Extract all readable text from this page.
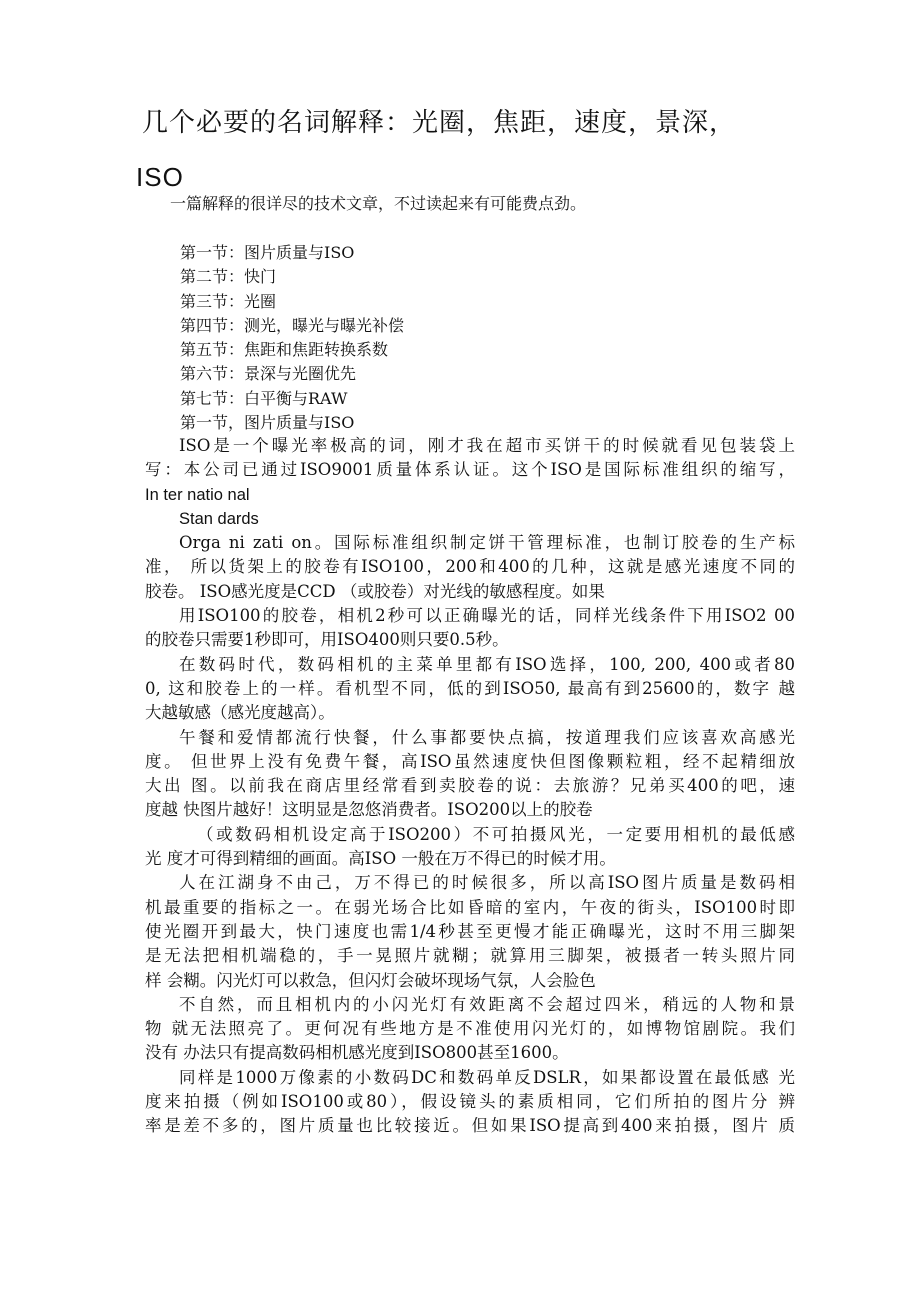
几个必要的名词解释：光圈，焦距，速度，景深，
ISO
一篇解释的很详尽的技术文章，不过读起来有可能费点劲。
第一节：图片质量与ISO
第二节：快门
第三节：光圈
第四节：测光，曝光与曝光补偿
第五节：焦距和焦距转换系数
第六节：景深与光圈优先
第七节：白平衡与RAW
第一节，图片质量与ISO
ISO是一个曝光率极高的词，刚才我在超市买饼干的时候就看见包装袋上
写：本公司已通过ISO9001质量体系认证。这个ISO是国际标准组织的缩写，
In ter natio nal
Stan dards
Orga ni zati on。国际标准组织制定饼干管理标准，也制订胶卷的生产标
准， 所以货架上的胶卷有ISO100，200和400的几种，这就是感光速度不同的
胶卷。 ISO感光度是CCD （或胶卷）对光线的敏感程度。如果
用ISO100的胶卷，相机2秒可以正确曝光的话，同样光线条件下用ISO2 00
的胶卷只需要1秒即可，用ISO400则只要0.5秒。
在数码时代，数码相机的主菜单里都有ISO选择，100, 200, 400或者80
0, 这和胶卷上的一样。看机型不同，低的到ISO50, 最高有到25600的，数字 越
大越敏感（感光度越高）。
午餐和爱情都流行快餐，什么事都要快点搞，按道理我们应该喜欢高感光
度。 但世界上没有免费午餐，高ISO虽然速度快但图像颗粒粗，经不起精细放
大出 图。以前我在商店里经常看到卖胶卷的说：去旅游？兄弟买400的吧，速
度越 快图片越好！这明显是忽悠消费者。ISO200以上的胶卷
（或数码相机设定高于ISO200）不可拍摄风光，一定要用相机的最低感
光 度才可得到精细的画面。高ISO 一般在万不得已的时候才用。
人在江湖身不由己，万不得已的时候很多，所以高ISO图片质量是数码相
机最重要的指标之一。在弱光场合比如昏暗的室内，午夜的街头，ISO100时即
使光圈开到最大，快门速度也需1/4秒甚至更慢才能正确曝光，这时不用三脚架
是无法把相机端稳的，手一晃照片就糊；就算用三脚架，被摄者一转头照片同
样 会糊。闪光灯可以救急，但闪灯会破坏现场气氛，人会脸色
不自然，而且相机内的小闪光灯有效距离不会超过四米，稍远的人物和景
物 就无法照亮了。更何况有些地方是不准使用闪光灯的，如博物馆剧院。我们
没有 办法只有提高数码相机感光度到ISO800甚至1600。
同样是1000万像素的小数码DC和数码单反DSLR，如果都设置在最低感 光
度来拍摄（例如ISO100或80），假设镜头的素质相同，它们所拍的图片分 辨
率是差不多的，图片质量也比较接近。但如果ISO提高到400来拍摄，图片 质
